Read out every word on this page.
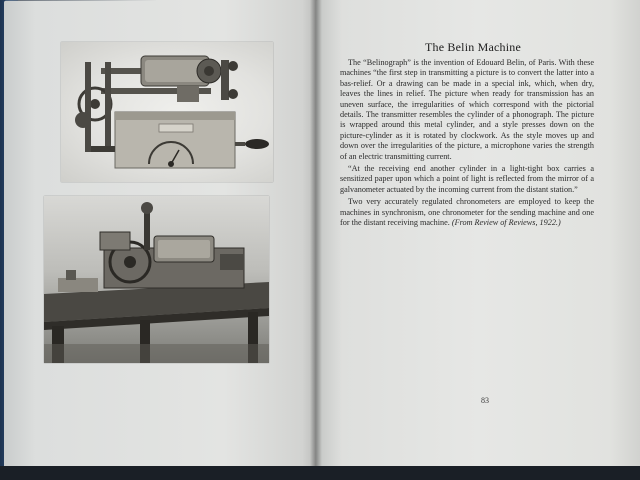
The Belin Machine

The “Belinograph” is the invention of Edouard Belin, of Paris. With these machines “the first step in transmitting a picture is to convert the latter into a bas-relief. Or a drawing can be made in a special ink, which, when dry, leaves the lines in relief. The picture when ready for transmission has an uneven surface, the irregularities of which correspond with the pictorial details. The transmitter resembles the cylinder of a phonograph. The picture is wrapped around this metal cylinder, and a style presses down on the picture-cylinder as it is rotated by clockwork. As the style moves up and down over the irregularities of the picture, a microphone varies the strength of an electric transmitting current.

“At the receiving end another cylinder in a light-tight box carries a sensitized paper upon which a point of light is reflected from the mirror of a galvanometer actuated by the incoming current from the distant station.”

Two very accurately regulated chronometers are employed to keep the machines in synchronism, one chronometer for the sending machine and one for the distant receiving machine. (From Review of Reviews, 1922.)

83
